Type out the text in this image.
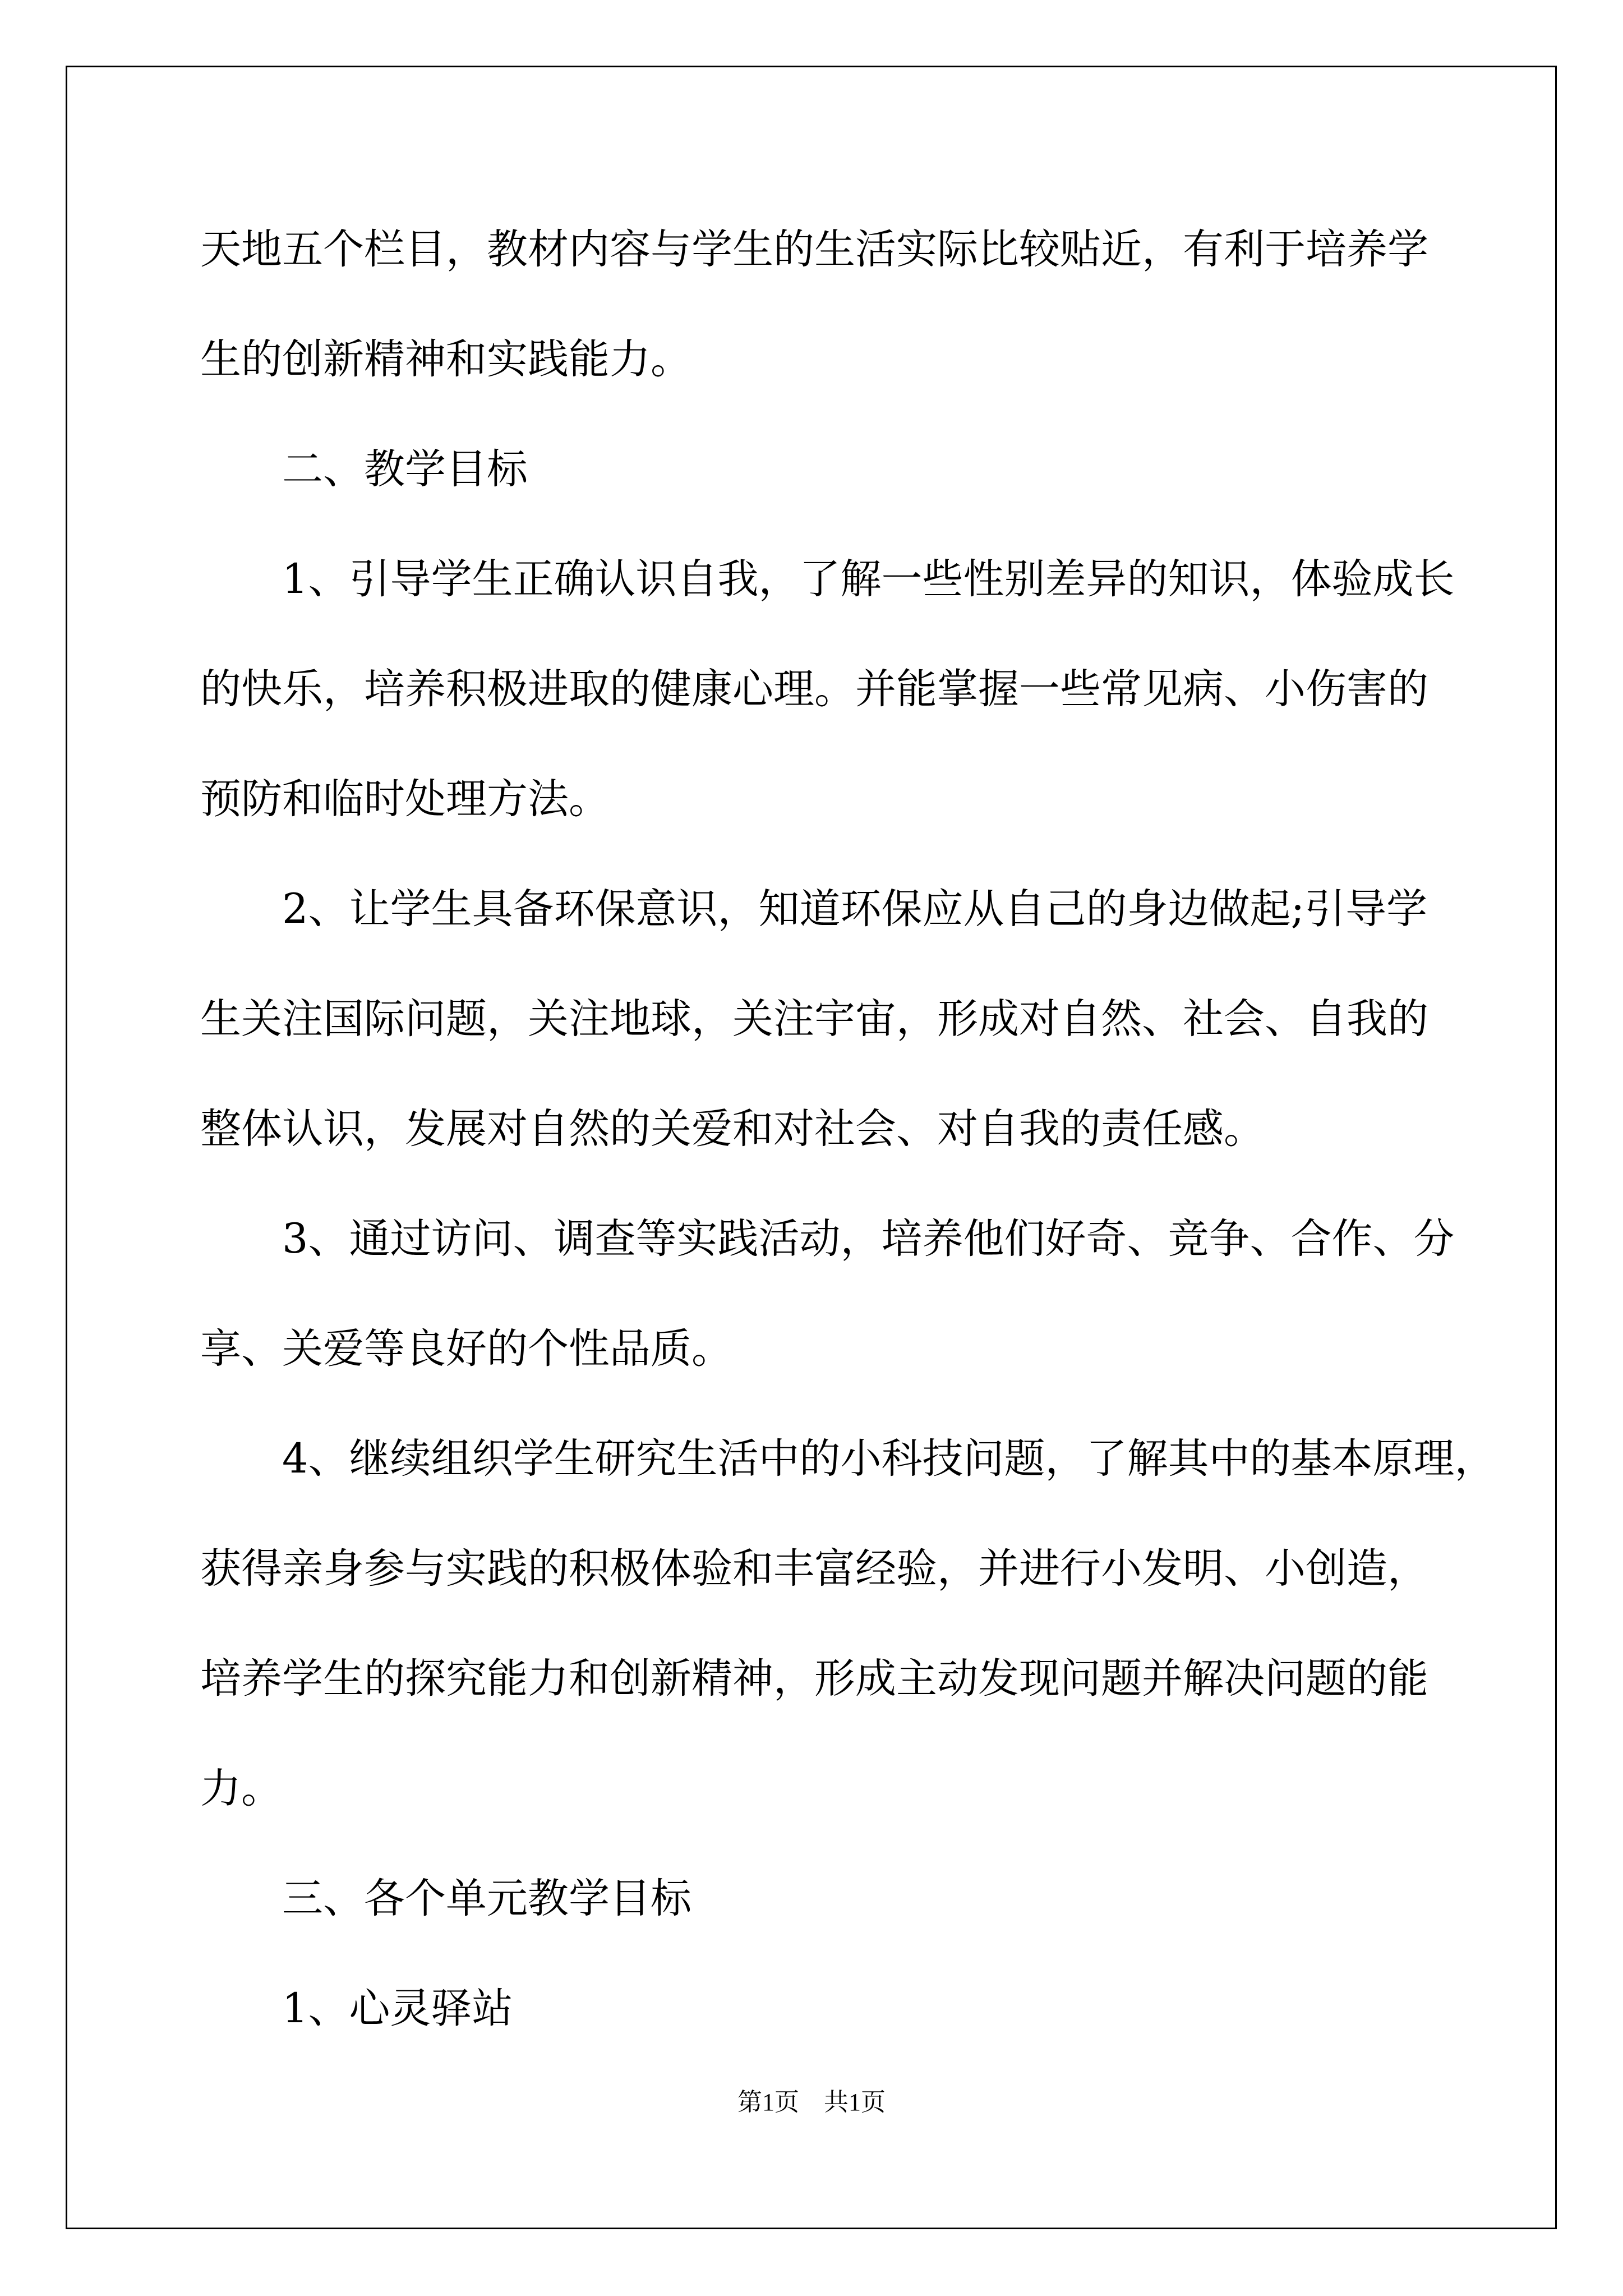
天地五个栏目，教材内容与学生的生活实际比较贴近，有利于培养学
生的创新精神和实践能力。
　　二、教学目标
　　1、引导学生正确认识自我，了解一些性别差异的知识，体验成长
的快乐，培养积极进取的健康心理。并能掌握一些常见病、小伤害的
预防和临时处理方法。
　　2、让学生具备环保意识，知道环保应从自己的身边做起;引导学
生关注国际问题，关注地球，关注宇宙，形成对自然、社会、自我的
整体认识，发展对自然的关爱和对社会、对自我的责任感。
　　3、通过访问、调查等实践活动，培养他们好奇、竞争、合作、分
享、关爱等良好的个性品质。
　　4、继续组织学生研究生活中的小科技问题，了解其中的基本原理，
获得亲身参与实践的积极体验和丰富经验，并进行小发明、小创造，
培养学生的探究能力和创新精神，形成主动发现问题并解决问题的能
力。
　　三、各个单元教学目标
　　1、心灵驿站
第1页　共1页
